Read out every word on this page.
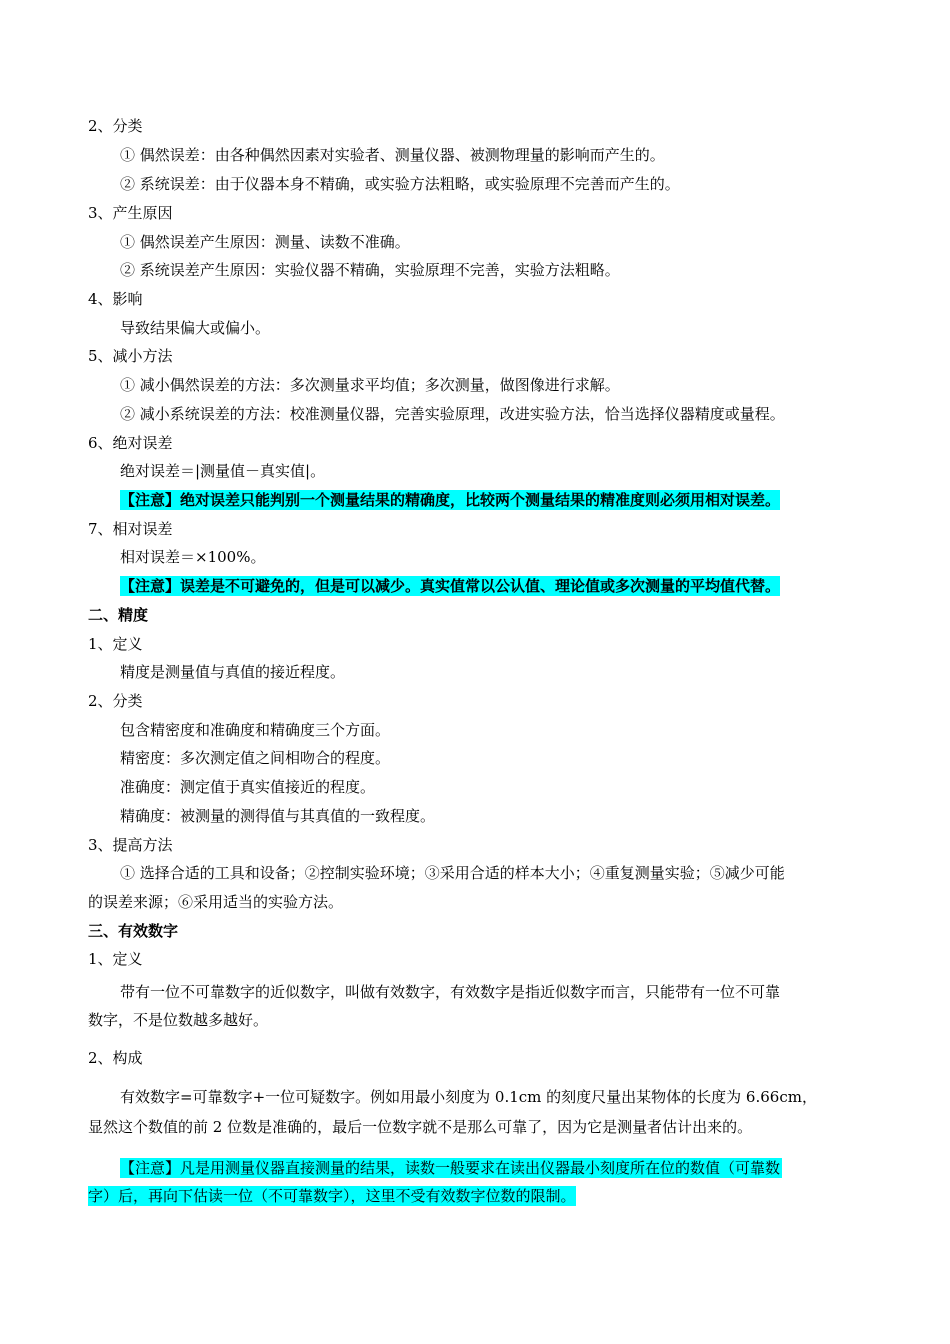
2、分类
① 偶然误差：由各种偶然因素对实验者、测量仪器、被测物理量的影响而产生的。
② 系统误差：由于仪器本身不精确，或实验方法粗略，或实验原理不完善而产生的。
3、产生原因
① 偶然误差产生原因：测量、读数不准确。
② 系统误差产生原因：实验仪器不精确，实验原理不完善，实验方法粗略。
4、影响
导致结果偏大或偏小。
5、减小方法
① 减小偶然误差的方法：多次测量求平均值；多次测量，做图像进行求解。
② 减小系统误差的方法：校准测量仪器，完善实验原理，改进实验方法，恰当选择仪器精度或量程。
6、绝对误差
绝对误差＝|测量值－真实值|。
【注意】绝对误差只能判别一个测量结果的精确度，比较两个测量结果的精准度则必须用相对误差。
7、相对误差
相对误差＝×100%。
【注意】误差是不可避免的，但是可以减少。真实值常以公认值、理论值或多次测量的平均值代替。
二、精度
1、定义
精度是测量值与真值的接近程度。
2、分类
包含精密度和准确度和精确度三个方面。
精密度：多次测定值之间相吻合的程度。
准确度：测定值于真实值接近的程度。
精确度：被测量的测得值与其真值的一致程度。
3、提高方法
① 选择合适的工具和设备；②控制实验环境；③采用合适的样本大小；④重复测量实验；⑤减少可能
的误差来源；⑥采用适当的实验方法。
三、有效数字
1、定义
带有一位不可靠数字的近似数字，叫做有效数字，有效数字是指近似数字而言，只能带有一位不可靠
数字，不是位数越多越好。
2、构成
有效数字=可靠数字+一位可疑数字。例如用最小刻度为 0.1cm 的刻度尺量出某物体的长度为 6.66cm，
显然这个数值的前 2 位数是准确的，最后一位数字就不是那么可靠了，因为它是测量者估计出来的。
【注意】凡是用测量仪器直接测量的结果，读数一般要求在读出仪器最小刻度所在位的数值（可靠数
字）后，再向下估读一位（不可靠数字），这里不受有效数字位数的限制。
